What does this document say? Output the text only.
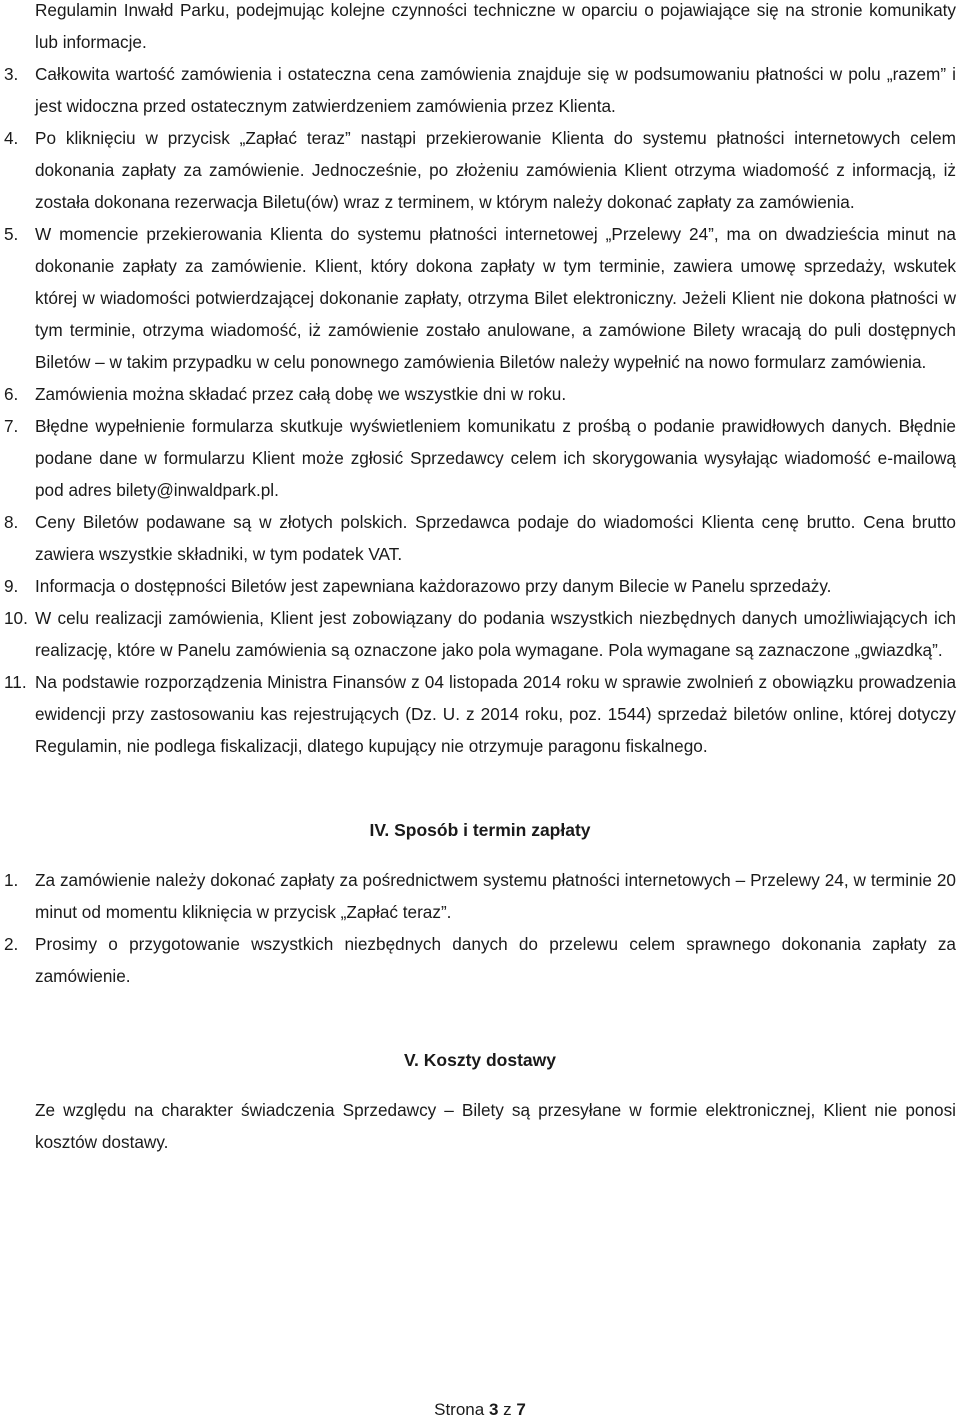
Regulamin Inwałd Parku, podejmując kolejne czynności techniczne w oparciu o pojawiające się na stronie komunikaty lub informacje.
3. Całkowita wartość zamówienia i ostateczna cena zamówienia znajduje się w podsumowaniu płatności w polu „razem” i jest widoczna przed ostatecznym zatwierdzeniem zamówienia przez Klienta.
4. Po kliknięciu w przycisk „Zapłać teraz” nastąpi przekierowanie Klienta do systemu płatności internetowych celem dokonania zapłaty za zamówienie. Jednocześnie, po złożeniu zamówienia Klient otrzyma wiadomość z informacją, iż została dokonana rezerwacja Biletu(ów) wraz z terminem, w którym należy dokonać zapłaty za zamówienia.
5. W momencie przekierowania Klienta do systemu płatności internetowej „Przelewy 24”, ma on dwadzieścia minut na dokonanie zapłaty za zamówienie. Klient, który dokona zapłaty w tym terminie, zawiera umowę sprzedaży, wskutek której w wiadomości potwierdzającej dokonanie zapłaty, otrzyma Bilet elektroniczny. Jeżeli Klient nie dokona płatności w tym terminie, otrzyma wiadomość, iż zamówienie zostało anulowane, a zamówione Bilety wracają do puli dostępnych Biletów – w takim przypadku w celu ponownego zamówienia Biletów należy wypełnić na nowo formularz zamówienia.
6. Zamówienia można składać przez całą dobę we wszystkie dni w roku.
7. Błędne wypełnienie formularza skutkuje wyświetleniem komunikatu z prośbą o podanie prawidłowych danych. Błędnie podane dane w formularzu Klient może zgłosić Sprzedawcy celem ich skorygowania wysyłając wiadomość e-mailową pod adres bilety@inwaldpark.pl.
8. Ceny Biletów podawane są w złotych polskich. Sprzedawca podaje do wiadomości Klienta cenę brutto. Cena brutto zawiera wszystkie składniki, w tym podatek VAT.
9. Informacja o dostępności Biletów jest zapewniana każdorazowo przy danym Bilecie w Panelu sprzedaży.
10. W celu realizacji zamówienia, Klient jest zobowiązany do podania wszystkich niezbędnych danych umożliwiających ich realizację, które w Panelu zamówienia są oznaczone jako pola wymagane. Pola wymagane są zaznaczone „gwiazdką”.
11. Na podstawie rozporządzenia Ministra Finansów z 04 listopada 2014 roku w sprawie zwolnień z obowiązku prowadzenia ewidencji przy zastosowaniu kas rejestrujących (Dz. U. z 2014 roku, poz. 1544) sprzedaż biletów online, której dotyczy Regulamin, nie podlega fiskalizacji, dlatego kupujący nie otrzymuje paragonu fiskalnego.
IV. Sposób i termin zapłaty
1. Za zamówienie należy dokonać zapłaty za pośrednictwem systemu płatności internetowych – Przelewy 24, w terminie 20 minut od momentu kliknięcia w przycisk „Zapłać teraz”.
2. Prosimy o przygotowanie wszystkich niezbędnych danych do przelewu celem sprawnego dokonania zapłaty za zamówienie.
V. Koszty dostawy
Ze względu na charakter świadczenia Sprzedawcy – Bilety są przesyłane w formie elektronicznej, Klient nie ponosi kosztów dostawy.
Strona 3 z 7
